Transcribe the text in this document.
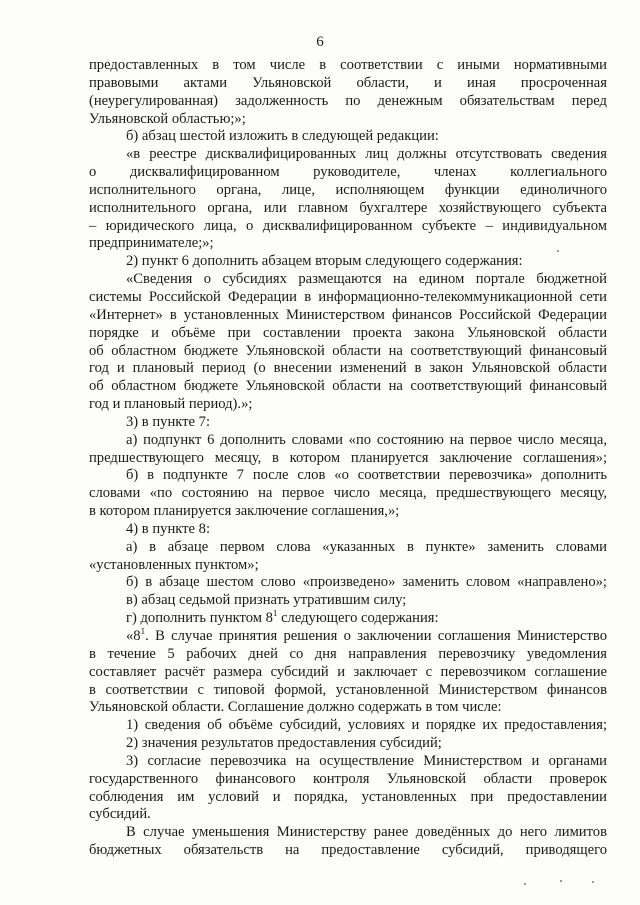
6
предоставленных в том числе в соответствии с иными нормативными
правовыми актами Ульяновской области, и иная просроченная
(неурегулированная) задолженность по денежным обязательствам перед
Ульяновской областью;»;
б) абзац шестой изложить в следующей редакции:
«в реестре дисквалифицированных лиц должны отсутствовать сведения
о дисквалифицированном руководителе, членах коллегиального
исполнительного органа, лице, исполняющем функции единоличного
исполнительного органа, или главном бухгалтере хозяйствующего субъекта
– юридического лица, о дисквалифицированном субъекте – индивидуальном
предпринимателе;»;
2) пункт 6 дополнить абзацем вторым следующего содержания:
«Сведения о субсидиях размещаются на едином портале бюджетной
системы Российской Федерации в информационно-телекоммуникационной сети
«Интернет» в установленных Министерством финансов Российской Федерации
порядке и объёме при составлении проекта закона Ульяновской области
об областном бюджете Ульяновской области на соответствующий финансовый
год и плановый период (о внесении изменений в закон Ульяновской области
об областном бюджете Ульяновской области на соответствующий финансовый
год и плановый период).»;
3) в пункте 7:
а) подпункт 6 дополнить словами «по состоянию на первое число месяца,
предшествующего месяцу, в котором планируется заключение соглашения»;
б) в подпункте 7 после слов «о соответствии перевозчика» дополнить
словами «по состоянию на первое число месяца, предшествующего месяцу,
в котором планируется заключение соглашения,»;
4) в пункте 8:
а) в абзаце первом слова «указанных в пункте» заменить словами
«установленных пунктом»;
б) в абзаце шестом слово «произведено» заменить словом «направлено»;
в) абзац седьмой признать утратившим силу;
г) дополнить пунктом $8^1$ следующего содержания:
«$8^1$. В случае принятия решения о заключении соглашения Министерство
в течение 5 рабочих дней со дня направления перевозчику уведомления
составляет расчёт размера субсидий и заключает с перевозчиком соглашение
в соответствии с типовой формой, установленной Министерством финансов
Ульяновской области. Соглашение должно содержать в том числе:
1) сведения об объёме субсидий, условиях и порядке их предоставления;
2) значения результатов предоставления субсидий;
3) согласие перевозчика на осуществление Министерством и органами
государственного финансового контроля Ульяновской области проверок
соблюдения им условий и порядка, установленных при предоставлении
субсидий.
В случае уменьшения Министерству ранее доведённых до него лимитов
бюджетных обязательств на предоставление субсидий, приводящего
